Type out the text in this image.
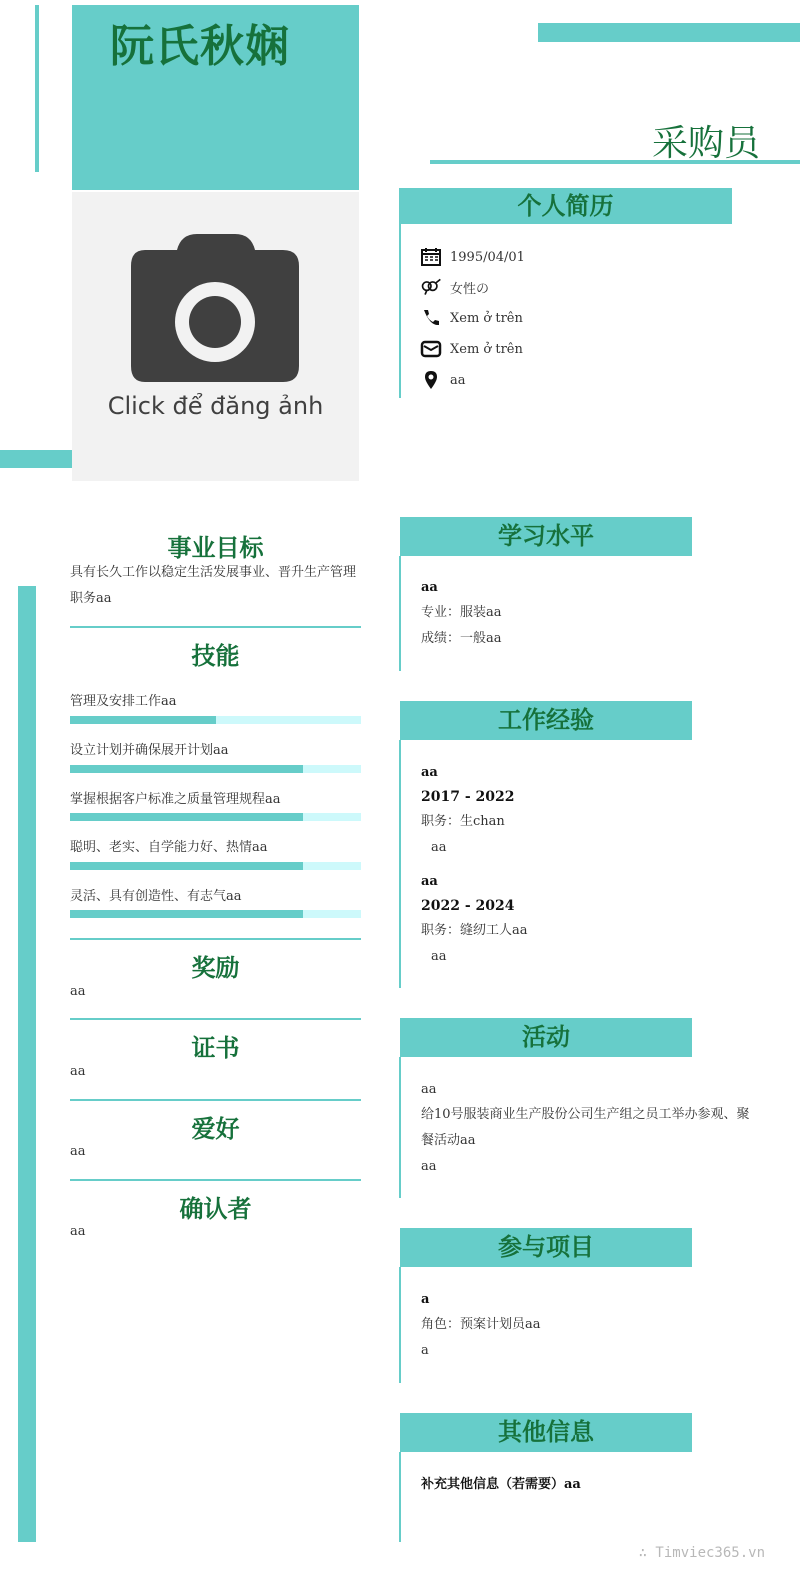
阮氏秋娴
采购员
Click để đăng ảnh
个人简历
1995/04/01
女性の
Xem ở trên
Xem ở trên
aa
事业目标
具有长久工作以稳定生活发展事业、晋升生产管理职务aa
技能
管理及安排工作aa
设立计划并确保展开计划aa
掌握根据客户标准之质量管理规程aa
聪明、老实、自学能力好、热情aa
灵活、具有创造性、有志气aa
奖励
aa
证书
aa
爱好
aa
确认者
aa
学习水平
aa
专业：服装aa
成绩：一般aa
工作经验
aa
2017 - 2022
职务：生chan
aa
aa
2022 - 2024
职务：缝纫工人aa
aa
活动
aa
给10号服装商业生产股份公司生产组之员工举办参观、聚餐活动aa
aa
参与项目
a
角色：预案计划员aa
a
其他信息
补充其他信息（若需要）aa
∴ Timviec365.vn
